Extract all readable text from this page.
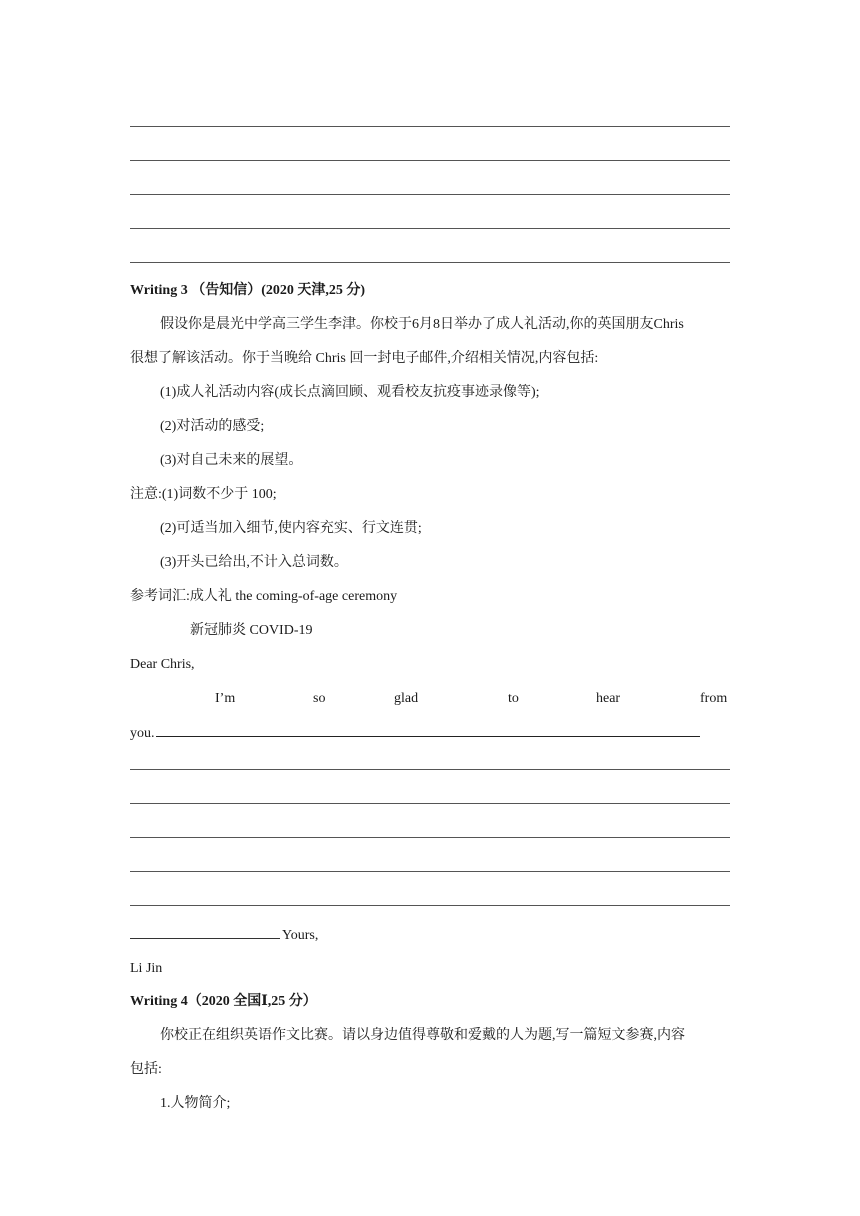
Writing 3 （告知信）(2020 天津,25 分)
假设你是晨光中学高三学生李津。你校于6月8日举办了成人礼活动,你的英国朋友Chris
很想了解该活动。你于当晚给 Chris 回一封电子邮件,介绍相关情况,内容包括:
(1)成人礼活动内容(成长点滴回顾、观看校友抗疫事迹录像等);
(2)对活动的感受;
(3)对自己未来的展望。
注意:(1)词数不少于 100;
(2)可适当加入细节,使内容充实、行文连贯;
(3)开头已给出,不计入总词数。
参考词汇:成人礼 the coming-of-age ceremony
新冠肺炎 COVID-19
Dear Chris,
I’m	so	glad	to	hear	from
you.
Yours,
Li Jin
Writing 4（2020 全国Ⅰ,25 分）
你校正在组织英语作文比赛。请以身边值得尊敬和爱戴的人为题,写一篇短文参赛,内容
包括:
1.人物简介;
